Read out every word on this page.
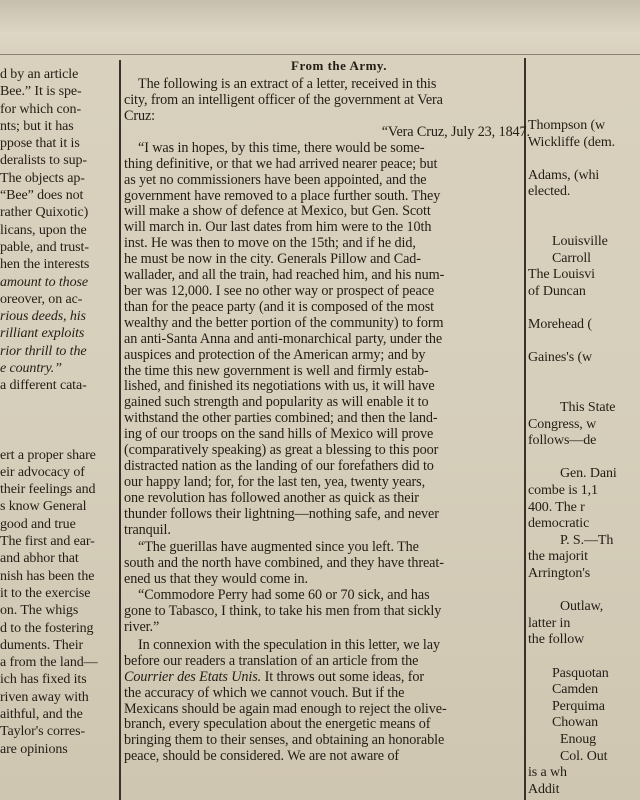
d by an article

Bee.” It is spe-

for which con-

nts; but it has

ppose that it is

deralists to sup-

The objects ap-

“Bee” does not

rather Quixotic)

licans, upon the

pable, and trust-

hen the interests

amount to those

oreover, on ac-

rious deeds, his

rilliant exploits

rior thrill to the

e country.”

a different cata-

ert a proper share

eir advocacy of

their feelings and

s know General

good and true

The first and ear-

and abhor that

nish has been the

it to the exercise

on. The whigs

d to the fostering

duments. Their

a from the land—

ich has fixed its

riven away with

aithful, and the

Taylor's corres-

are opinions

From the Army.

The following is an extract of a letter, received in this

city, from an intelligent officer of the government at Vera

Cruz:

“Vera Cruz, July 23, 1847.

“I was in hopes, by this time, there would be some-

thing definitive, or that we had arrived nearer peace; but

as yet no commissioners have been appointed, and the

government have removed to a place further south. They

will make a show of defence at Mexico, but Gen. Scott

will march in. Our last dates from him were to the 10th

inst. He was then to move on the 15th; and if he did,

he must be now in the city. Generals Pillow and Cad-

wallader, and all the train, had reached him, and his num-

ber was 12,000. I see no other way or prospect of peace

than for the peace party (and it is composed of the most

wealthy and the better portion of the community) to form

an anti-Santa Anna and anti-monarchical party, under the

auspices and protection of the American army; and by

the time this new government is well and firmly estab-

lished, and finished its negotiations with us, it will have

gained such strength and popularity as will enable it to

withstand the other parties combined; and then the land-

ing of our troops on the sand hills of Mexico will prove

(comparatively speaking) as great a blessing to this poor

distracted nation as the landing of our forefathers did to

our happy land; for, for the last ten, yea, twenty years,

one revolution has followed another as quick as their

thunder follows their lightning—nothing safe, and never

tranquil.

“The guerillas have augmented since you left. The

south and the north have combined, and they have threat-

ened us that they would come in.

“Commodore Perry had some 60 or 70 sick, and has

gone to Tabasco, I think, to take his men from that sickly

river.”

In connexion with the speculation in this letter, we lay

before our readers a translation of an article from the

Courrier des Etats Unis. It throws out some ideas, for

the accuracy of which we cannot vouch. But if the

Mexicans should be again mad enough to reject the olive-

branch, every speculation about the energetic means of

bringing them to their senses, and obtaining an honorable

peace, should be considered. We are not aware of

Thompson (w

Wickliffe (dem.

Adams, (whi

elected.

Louisville

Carroll

The Louisvi

of Duncan

Morehead (

Gaines's (w

This State

Congress, w

follows—de

Gen. Dani

combe is 1,1

400. The r

democratic

P. S.—Th

the majorit

Arrington's

Outlaw,

latter in

the follow

Pasquotan

Camden

Perquima

Chowan

Enoug

Col. Out

is a wh

Addit
